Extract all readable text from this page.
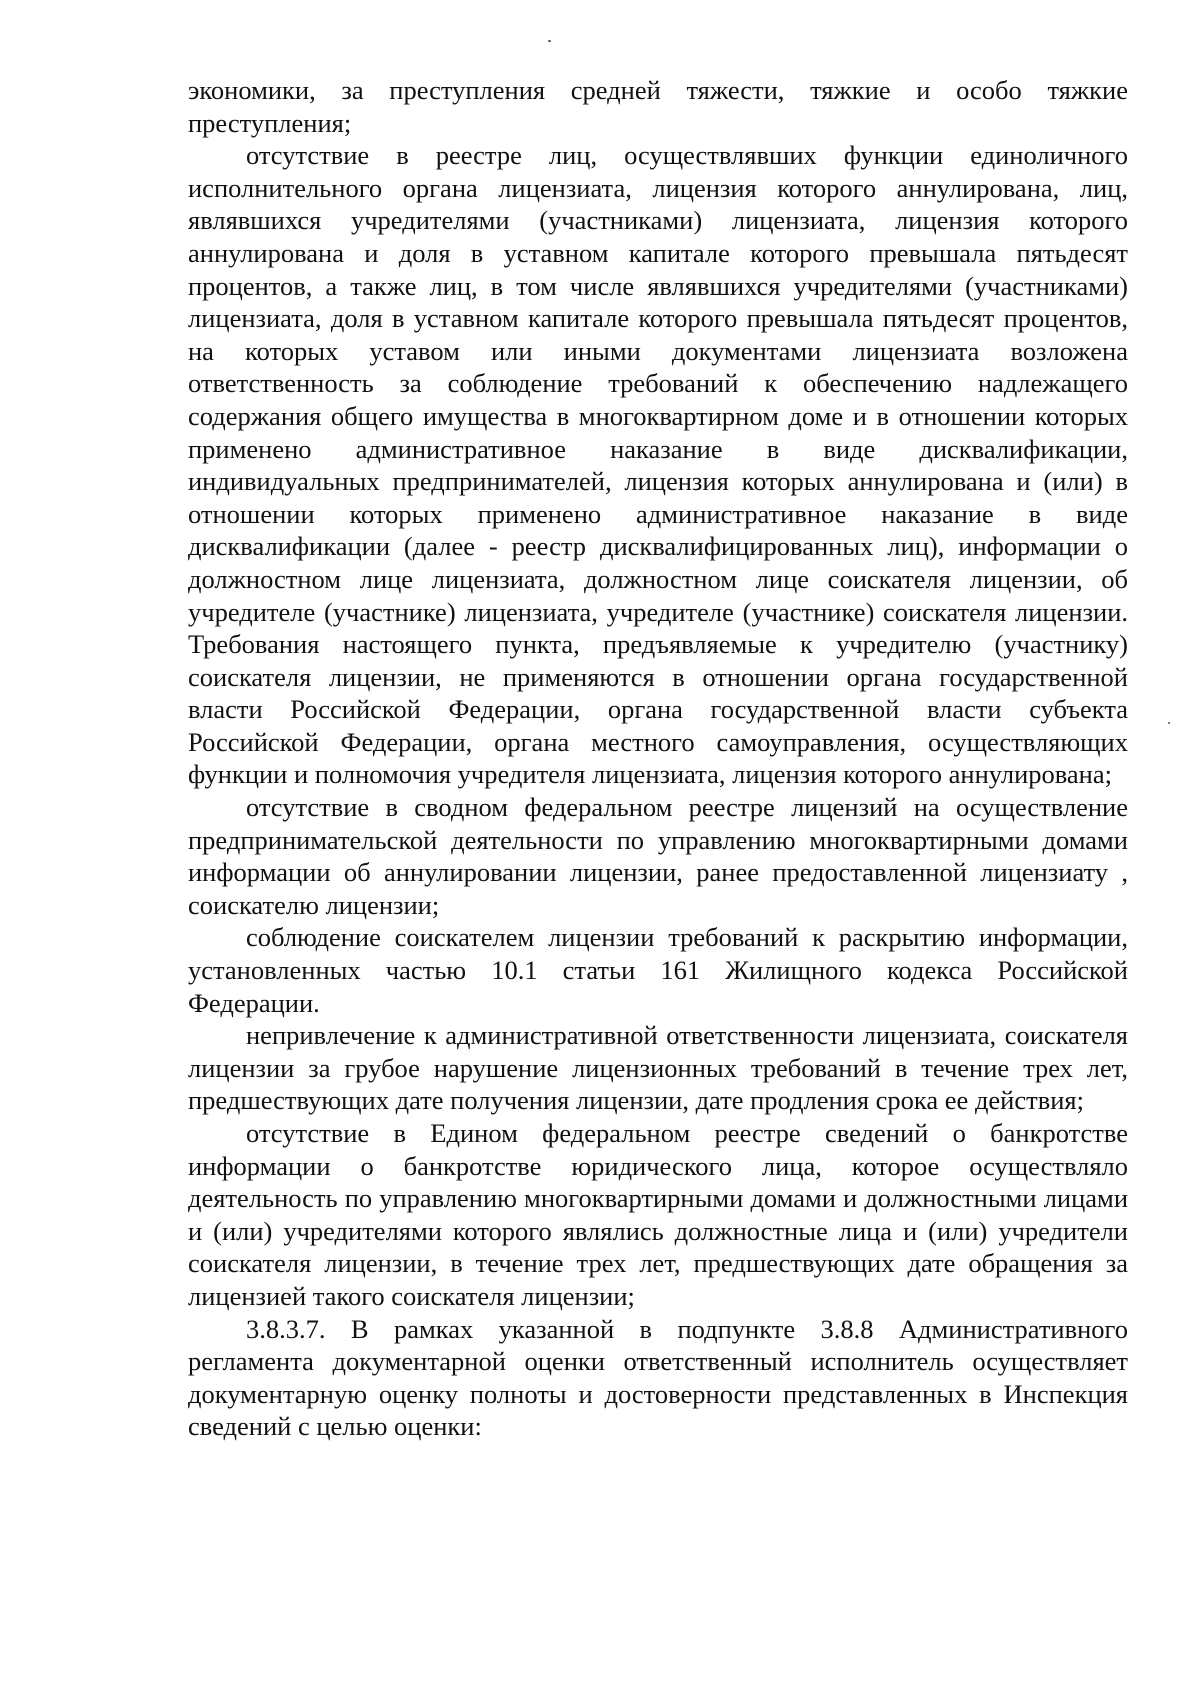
экономики, за преступления средней тяжести, тяжкие и особо тяжкие преступления;

отсутствие в реестре лиц, осуществлявших функции единоличного исполнительного органа лицензиата, лицензия которого аннулирована, лиц, являвшихся учредителями (участниками) лицензиата, лицензия которого аннулирована и доля в уставном капитале которого превышала пятьдесят процентов, а также лиц, в том числе являвшихся учредителями (участниками) лицензиата, доля в уставном капитале которого превышала пятьдесят процентов, на которых уставом или иными документами лицензиата возложена ответственность за соблюдение требований к обеспечению надлежащего содержания общего имущества в многоквартирном доме и в отношении которых применено административное наказание в виде дисквалификации, индивидуальных предпринимателей, лицензия которых аннулирована и (или) в отношении которых применено административное наказание в виде дисквалификации (далее - реестр дисквалифицированных лиц), информации о должностном лице лицензиата, должностном лице соискателя лицензии, об учредителе (участнике) лицензиата, учредителе (участнике) соискателя лицензии. Требования настоящего пункта, предъявляемые к учредителю (участнику) соискателя лицензии, не применяются в отношении органа государственной власти Российской Федерации, органа государственной власти субъекта Российской Федерации, органа местного самоуправления, осуществляющих функции и полномочия учредителя лицензиата, лицензия которого аннулирована;

отсутствие в сводном федеральном реестре лицензий на осуществление предпринимательской деятельности по управлению многоквартирными домами информации об аннулировании лицензии, ранее предоставленной лицензиату , соискателю лицензии;

соблюдение соискателем лицензии требований к раскрытию информации, установленных частью 10.1 статьи 161 Жилищного кодекса Российской Федерации.

непривлечение к административной ответственности лицензиата, соискателя лицензии за грубое нарушение лицензионных требований в течение трех лет, предшествующих дате получения лицензии, дате продления срока ее действия;

отсутствие в Едином федеральном реестре сведений о банкротстве информации о банкротстве юридического лица, которое осуществляло деятельность по управлению многоквартирными домами и должностными лицами и (или) учредителями которого являлись должностные лица и (или) учредители соискателя лицензии, в течение трех лет, предшествующих дате обращения за лицензией такого соискателя лицензии;

3.8.3.7. В рамках указанной в подпункте 3.8.8 Административного регламента документарной оценки ответственный исполнитель осуществляет документарную оценку полноты и достоверности представленных в Инспекция сведений с целью оценки:
